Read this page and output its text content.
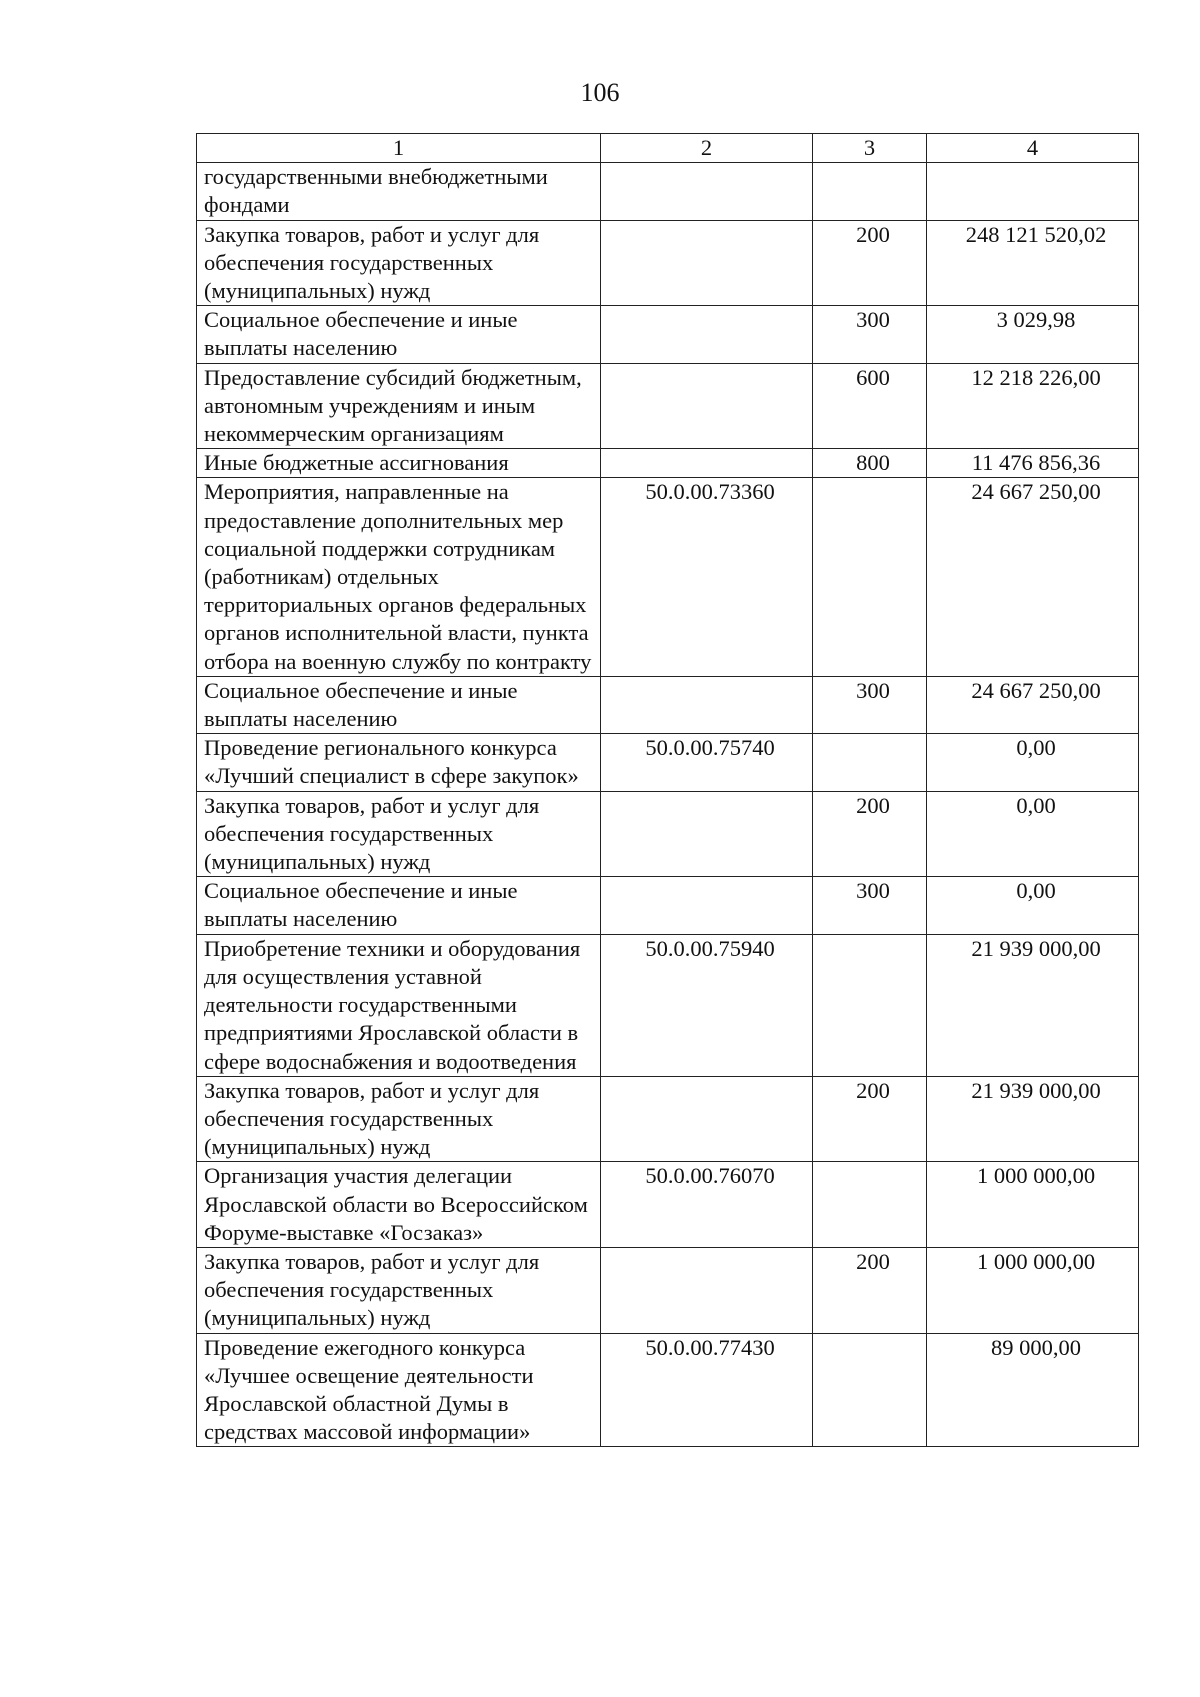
106
1	2	3	4
государственными внебюджетными фондами			
Закупка товаров, работ и услуг для обеспечения государственных (муниципальных) нужд		200	248 121 520,02
Социальное обеспечение и иные выплаты населению		300	3 029,98
Предоставление субсидий бюджетным, автономным учреждениям и иным некоммерческим организациям		600	12 218 226,00
Иные бюджетные ассигнования		800	11 476 856,36
Мероприятия, направленные на предоставление дополнительных мер социальной поддержки сотрудникам (работникам) отдельных территориальных органов федеральных органов исполнительной власти, пункта отбора на военную службу по контракту	50.0.00.73360		24 667 250,00
Социальное обеспечение и иные выплаты населению		300	24 667 250,00
Проведение регионального конкурса «Лучший специалист в сфере закупок»	50.0.00.75740		0,00
Закупка товаров, работ и услуг для обеспечения государственных (муниципальных) нужд		200	0,00
Социальное обеспечение и иные выплаты населению		300	0,00
Приобретение техники и оборудования для осуществления уставной деятельности государственными предприятиями Ярославской области в сфере водоснабжения и водоотведения	50.0.00.75940		21 939 000,00
Закупка товаров, работ и услуг для обеспечения государственных (муниципальных) нужд		200	21 939 000,00
Организация участия делегации Ярославской области во Всероссийском Форуме-выставке «Госзаказ»	50.0.00.76070		1 000 000,00
Закупка товаров, работ и услуг для обеспечения государственных (муниципальных) нужд		200	1 000 000,00
Проведение ежегодного конкурса «Лучшее освещение деятельности Ярославской областной Думы в средствах массовой информации»	50.0.00.77430		89 000,00
